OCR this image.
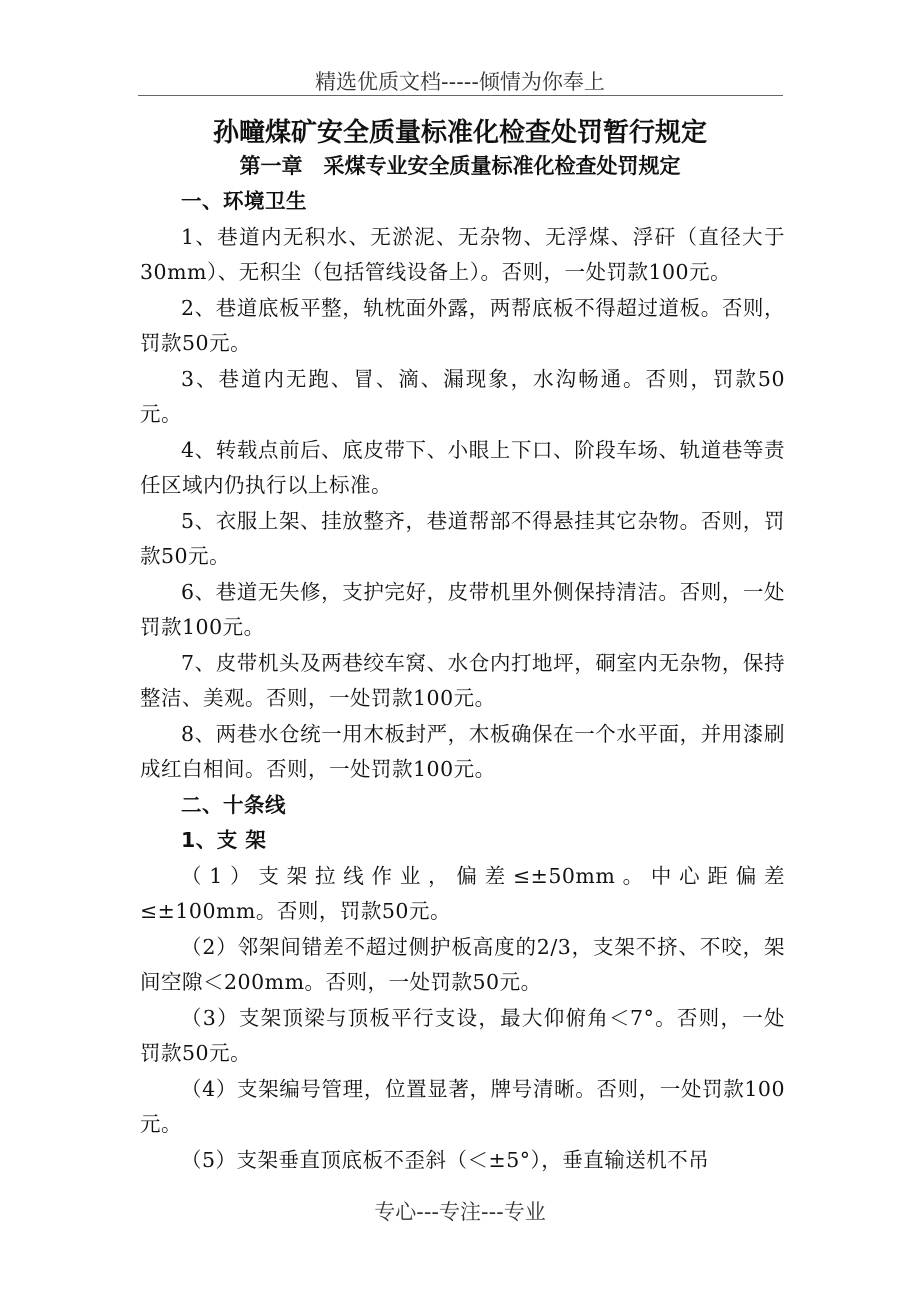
精选优质文档-----倾情为你奉上
孙疃煤矿安全质量标准化检查处罚暂行规定
第一章　采煤专业安全质量标准化检查处罚规定

一、环境卫生

1、巷道内无积水、无淤泥、无杂物、无浮煤、浮矸（直径大于30mm）、无积尘（包括管线设备上）。否则，一处罚款100元。

2、巷道底板平整，轨枕面外露，两帮底板不得超过道板。否则，罚款50元。

3、巷道内无跑、冒、滴、漏现象，水沟畅通。否则，罚款50元。

4、转载点前后、底皮带下、小眼上下口、阶段车场、轨道巷等责任区域内仍执行以上标准。

5、衣服上架、挂放整齐，巷道帮部不得悬挂其它杂物。否则，罚款50元。

6、巷道无失修，支护完好，皮带机里外侧保持清洁。否则，一处罚款100元。

7、皮带机头及两巷绞车窝、水仓内打地坪，硐室内无杂物，保持整洁、美观。否则，一处罚款100元。

8、两巷水仓统一用木板封严，木板确保在一个水平面，并用漆刷成红白相间。否则，一处罚款100元。

二、十条线

1、支 架

（1）支架拉线作业，偏差≤±50mm。中心距偏差≤±100mm。否则，罚款50元。

（2）邻架间错差不超过侧护板高度的2/3，支架不挤、不咬，架间空隙＜200mm。否则，一处罚款50元。

（3）支架顶梁与顶板平行支设，最大仰俯角＜7°。否则，一处罚款50元。

（4）支架编号管理，位置显著，牌号清晰。否则，一处罚款100元。

（5）支架垂直顶底板不歪斜（＜±5°），垂直输送机不吊

专心---专注---专业
